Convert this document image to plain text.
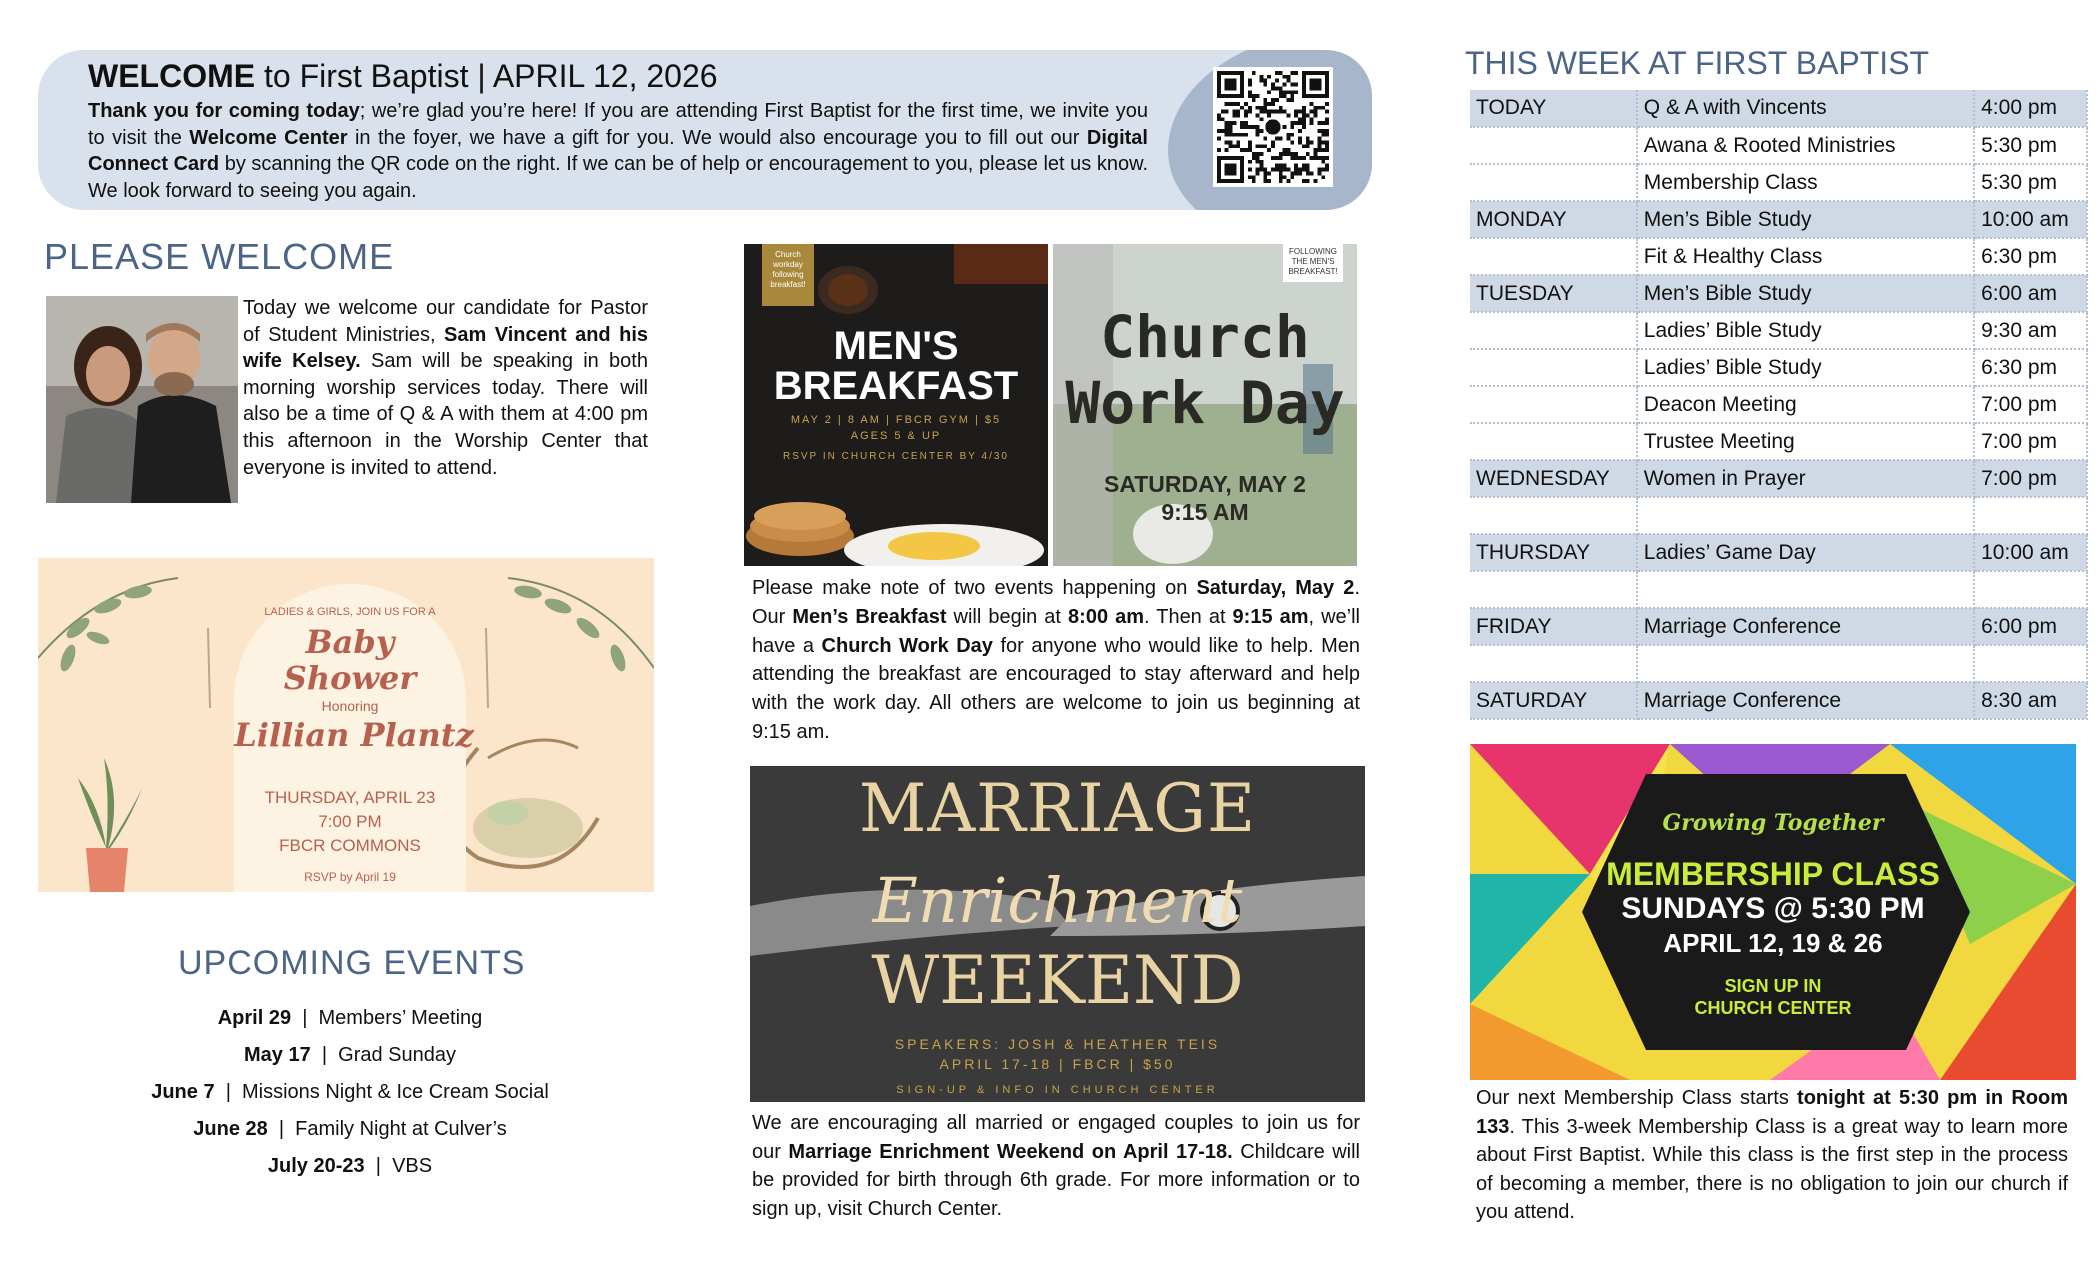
WELCOME to First Baptist | APRIL 12, 2026
Thank you for coming today; we’re glad you’re here! If you are attending First Baptist for the first time, we invite you to visit the Welcome Center in the foyer, we have a gift for you. We would also encourage you to fill out our Digital Connect Card by scanning the QR code on the right. If we can be of help or encouragement to you, please let us know. We look forward to seeing you again.
PLEASE WELCOME
Today we welcome our candidate for Pastor of Student Ministries, Sam Vincent and his wife Kelsey. Sam will be speaking in both morning worship services today. There will also be a time of Q & A with them at 4:00 pm this afternoon in the Worship Center that everyone is invited to attend.
LADIES & GIRLS, JOIN US FOR A
Baby
Shower
Honoring
Lillian Plantz
THURSDAY, APRIL 23
7:00 PM
FBCR COMMONS
RSVP by April 19
UPCOMING EVENTS
April 29  |  Members’ Meeting
May 17  |  Grad Sunday
June 7  |  Missions Night & Ice Cream Social
June 28  |  Family Night at Culver’s
July 20-23  |  VBS
Church workday following breakfast!
MEN'S
BREAKFAST
MAY 2 | 8 AM | FBCR GYM | $5
AGES 5 & UP
RSVP IN CHURCH CENTER BY 4/30
FOLLOWING THE MEN'S BREAKFAST!
Church
Work Day
SATURDAY, MAY 2
9:15 AM
Please make note of two events happening on Saturday, May 2. Our Men’s Breakfast will begin at 8:00 am. Then at 9:15 am, we’ll have a Church Work Day for anyone who would like to help. Men attending the breakfast are encouraged to stay afterward and help with the work day. All others are welcome to join us beginning at 9:15 am.
MARRIAGE
Enrichment
WEEKEND
SPEAKERS: JOSH & HEATHER TEIS
APRIL 17-18 | FBCR | $50
SIGN-UP & INFO IN CHURCH CENTER
We are encouraging all married or engaged couples to join us for our Marriage Enrichment Weekend on April 17-18. Childcare will be provided for birth through 6th grade. For more information or to sign up, visit Church Center.
THIS WEEK AT FIRST BAPTIST
TODAY	Q & A with Vincents	4:00 pm
	Awana & Rooted Ministries	5:30 pm
	Membership Class	5:30 pm
MONDAY	Men’s Bible Study	10:00 am
	Fit & Healthy Class	6:30 pm
TUESDAY	Men’s Bible Study	6:00 am
	Ladies’ Bible Study	9:30 am
	Ladies’ Bible Study	6:30 pm
	Deacon Meeting	7:00 pm
	Trustee Meeting	7:00 pm
WEDNESDAY	Women in Prayer	7:00 pm

THURSDAY	Ladies’ Game Day	10:00 am

FRIDAY	Marriage Conference	6:00 pm

SATURDAY	Marriage Conference	8:30 am
Growing Together
MEMBERSHIP CLASS
SUNDAYS @ 5:30 PM
APRIL 12, 19 & 26
SIGN UP IN
CHURCH CENTER
Our next Membership Class starts tonight at 5:30 pm in Room 133. This 3-week Membership Class is a great way to learn more about First Baptist. While this class is the first step in the process of becoming a member, there is no obligation to join our church if you attend.
